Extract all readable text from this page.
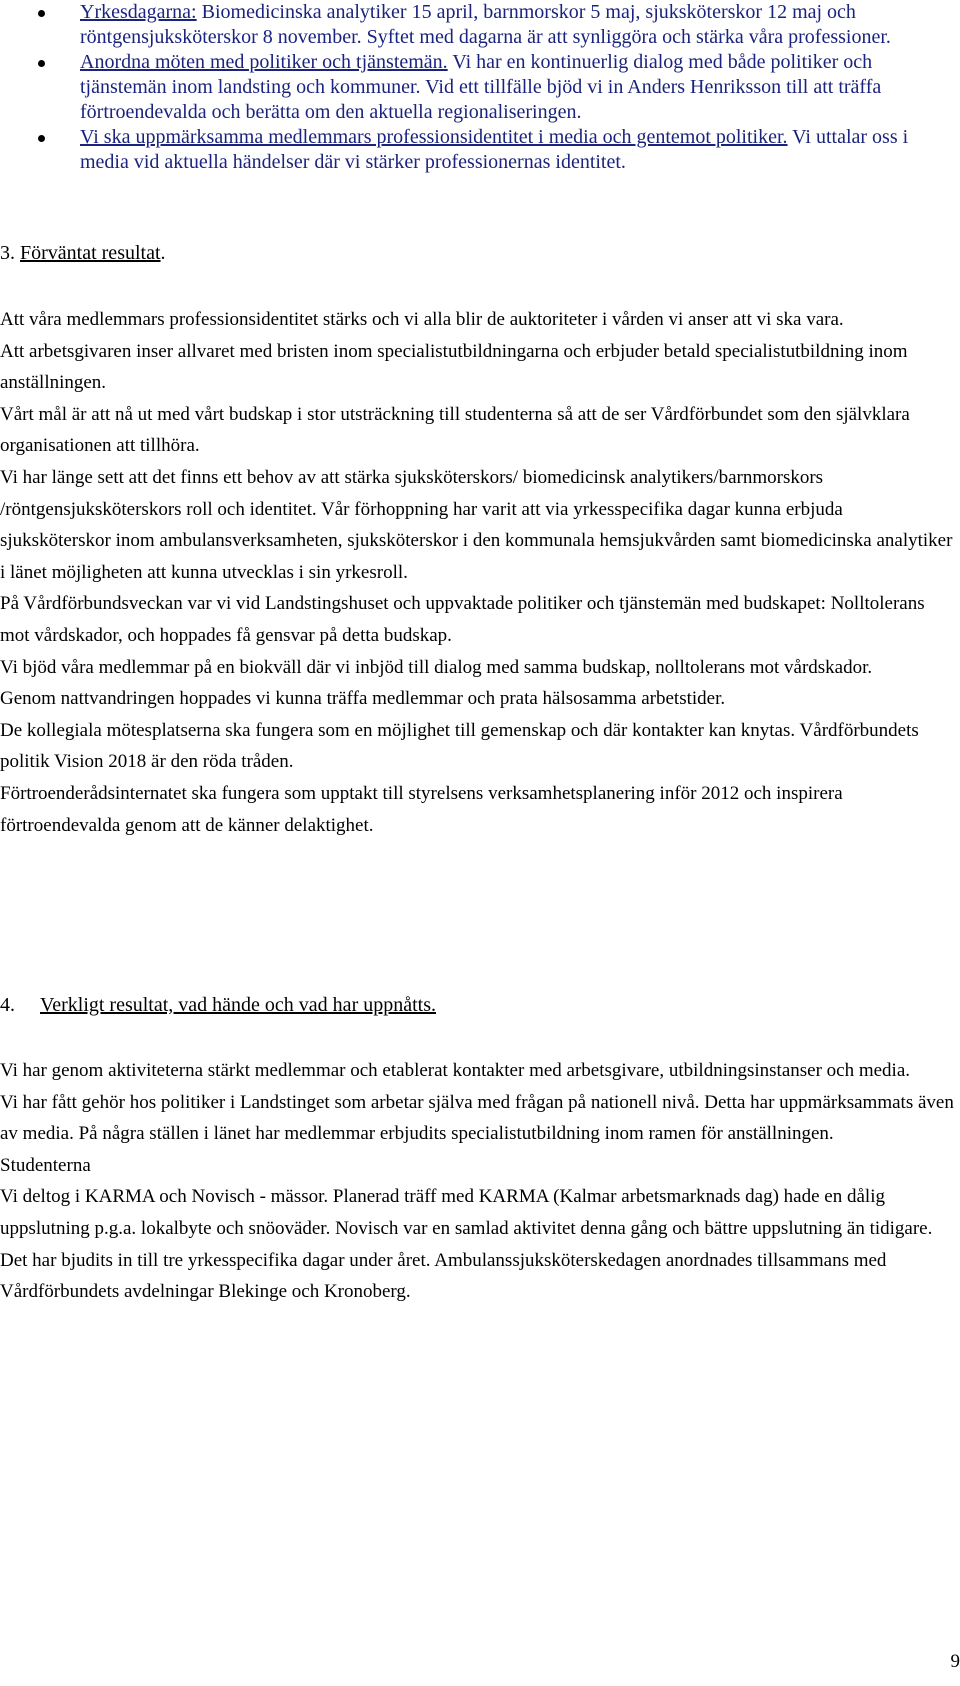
Yrkesdagarna: Biomedicinska analytiker 15 april, barnmorskor 5 maj, sjuksköterskor 12 maj och röntgensjuksköterskor 8 november. Syftet med dagarna är att synliggöra och stärka våra professioner.
Anordna möten med politiker och tjänstemän. Vi har en kontinuerlig dialog med både politiker och tjänstemän inom landsting och kommuner. Vid ett tillfälle bjöd vi in Anders Henriksson till att träffa förtroendevalda och berätta om den aktuella regionaliseringen.
Vi ska uppmärksamma medlemmars professionsidentitet i media och gentemot politiker. Vi uttalar oss i media vid aktuella händelser där vi stärker professionernas identitet.
3. Förväntat resultat.

Att våra medlemmars professionsidentitet stärks och vi alla blir de auktoriteter i vården vi anser att vi ska vara.

Att arbetsgivaren inser allvaret med bristen inom specialistutbildningarna och erbjuder betald specialistutbildning inom anställningen.

Vårt mål är att nå ut med vårt budskap i stor utsträckning till studenterna så att de ser Vårdförbundet som den självklara organisationen att tillhöra.

Vi har länge sett att det finns ett behov av att stärka sjuksköterskors/ biomedicinsk analytikers/barnmorskors /röntgensjuksköterskors roll och identitet. Vår förhoppning har varit att via yrkesspecifika dagar kunna erbjuda sjuksköterskor inom ambulansverksamheten, sjuksköterskor i den kommunala hemsjukvården samt biomedicinska analytiker i länet möjligheten att kunna utvecklas i sin yrkesroll.

På Vårdförbundsveckan var vi vid Landstingshuset och uppvaktade politiker och tjänstemän med budskapet: Nolltolerans mot vårdskador, och hoppades få gensvar på detta budskap.

Vi bjöd våra medlemmar på en biokväll där vi inbjöd till dialog med samma budskap, nolltolerans mot vårdskador.

Genom nattvandringen hoppades vi kunna träffa medlemmar och prata hälsosamma arbetstider.

De kollegiala mötesplatserna ska fungera som en möjlighet till gemenskap och där kontakter kan knytas. Vårdförbundets politik Vision 2018 är den röda tråden.

Förtroenderådsinternatet ska fungera som upptakt till styrelsens verksamhetsplanering inför 2012 och inspirera förtroendevalda genom att de känner delaktighet.

4. Verkligt resultat, vad hände och vad har uppnåtts.

Vi har genom aktiviteterna stärkt medlemmar och etablerat kontakter med arbetsgivare, utbildningsinstanser och media.

Vi har fått gehör hos politiker i Landstinget som arbetar själva med frågan på nationell nivå. Detta har uppmärksammats även av media. På några ställen i länet har medlemmar erbjudits specialistutbildning inom ramen för anställningen.

Studenterna

Vi deltog i KARMA och Novisch - mässor. Planerad träff med KARMA (Kalmar arbetsmarknads dag) hade en dålig uppslutning p.g.a. lokalbyte och snöoväder. Novisch var en samlad aktivitet denna gång och bättre uppslutning än tidigare.

Det har bjudits in till tre yrkesspecifika dagar under året. Ambulanssjuksköterskedagen anordnades tillsammans med Vårdförbundets avdelningar Blekinge och Kronoberg.

9
